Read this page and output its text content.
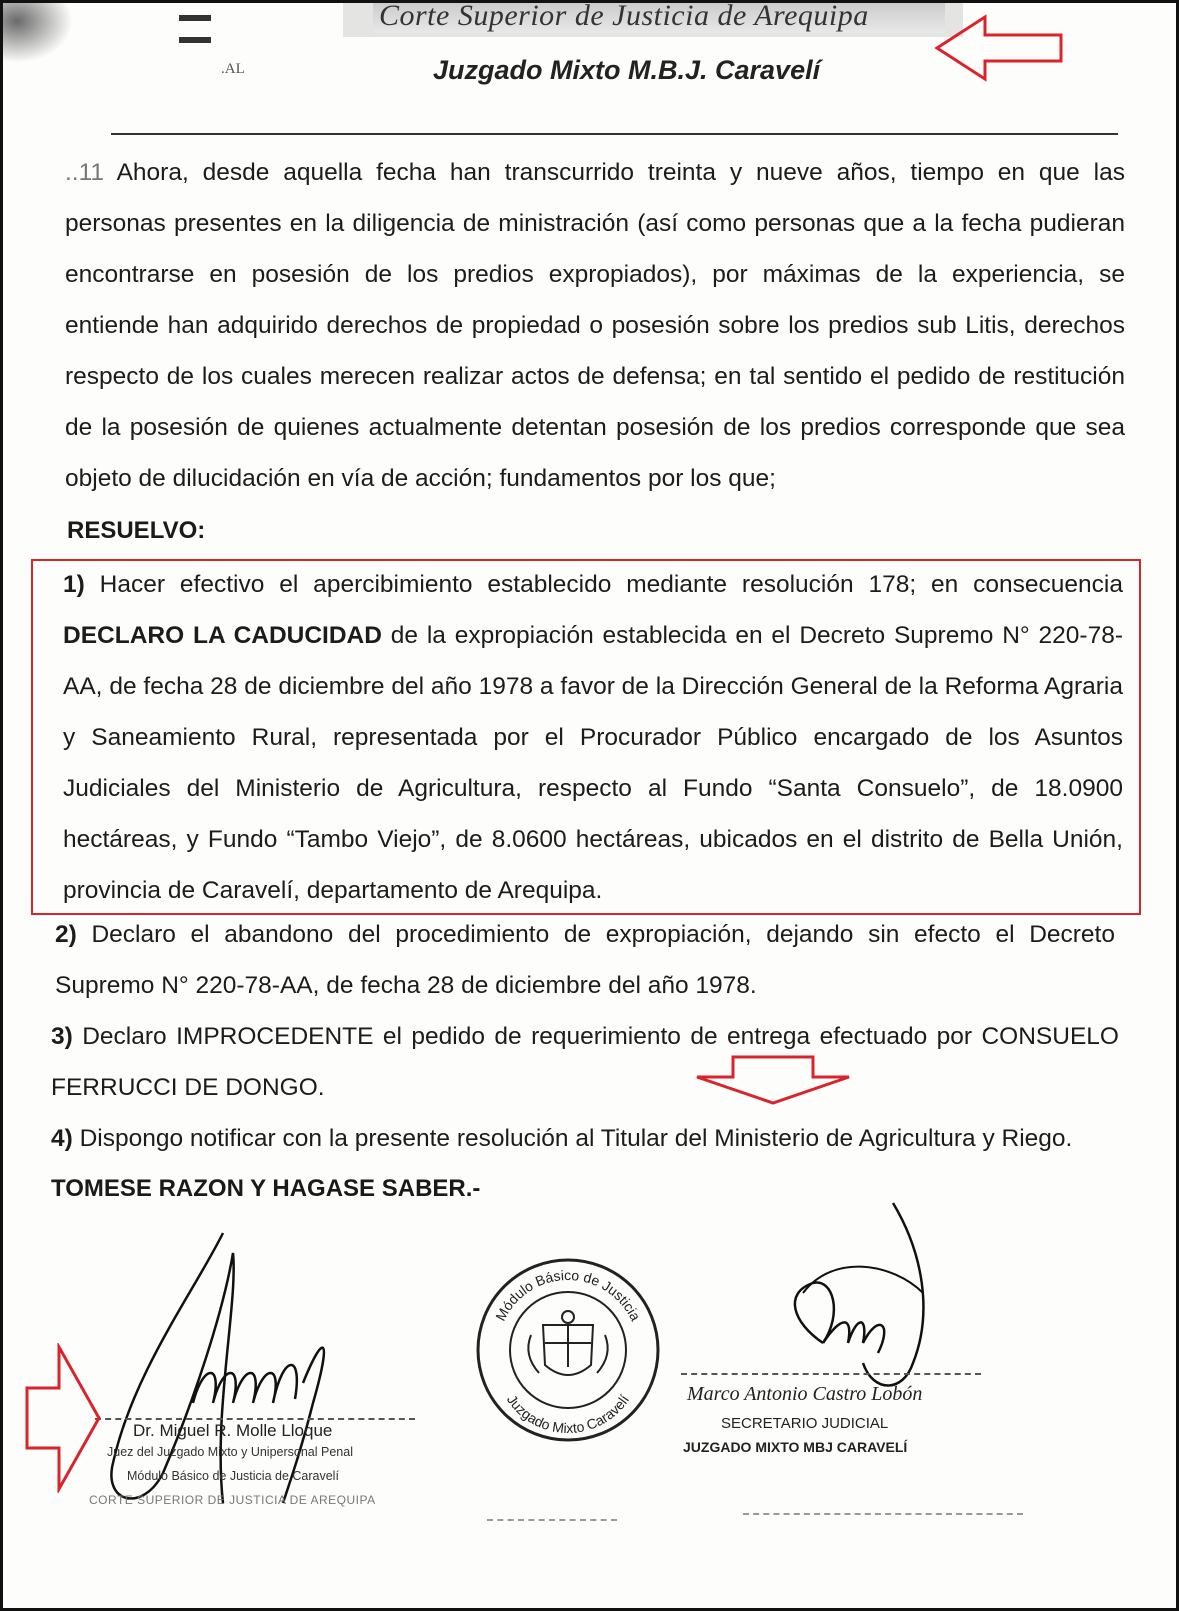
.AL
Corte Superior de Justicia de Arequipa
Juzgado Mixto M.B.J. Caravelí
..11 Ahora, desde aquella fecha han transcurrido treinta y nueve años, tiempo en que las personas presentes en la diligencia de ministración (así como personas que a la fecha pudieran encontrarse en posesión de los predios expropiados), por máximas de la experiencia, se entiende han adquirido derechos de propiedad o posesión sobre los predios sub Litis, derechos respecto de los cuales merecen realizar actos de defensa; en tal sentido el pedido de restitución de la posesión de quienes actualmente detentan posesión de los predios corresponde que sea objeto de dilucidación en vía de acción; fundamentos por los que;
RESUELVO:
1) Hacer efectivo el apercibimiento establecido mediante resolución 178; en consecuencia DECLARO LA CADUCIDAD de la expropiación establecida en el Decreto Supremo N° 220-78-AA, de fecha 28 de diciembre del año 1978 a favor de la Dirección General de la Reforma Agraria y Saneamiento Rural, representada por el Procurador Público encargado de los Asuntos Judiciales del Ministerio de Agricultura, respecto al Fundo “Santa Consuelo”, de 18.0900 hectáreas, y Fundo “Tambo Viejo”, de 8.0600 hectáreas, ubicados en el distrito de Bella Unión, provincia de Caravelí, departamento de Arequipa.
2) Declaro el abandono del procedimiento de expropiación, dejando sin efecto el Decreto Supremo N° 220-78-AA, de fecha 28 de diciembre del año 1978.
3) Declaro IMPROCEDENTE el pedido de requerimiento de entrega efectuado por CONSUELO FERRUCCI DE DONGO.
4) Dispongo notificar con la presente resolución al Titular del Ministerio de Agricultura y Riego.
TOMESE RAZON Y HAGASE SABER.-
Dr. Miguel R. Molle Lloque
Juez del Juzgado Mixto y Unipersonal Penal
Módulo Básico de Justicia de Caravelí
CORTE SUPERIOR DE JUSTICIA DE AREQUIPA
Módulo Básico de Justicia
Juzgado Mixto Caravelí	Marco Antonio Castro Lobón
SECRETARIO JUDICIAL
JUZGADO MIXTO MBJ CARAVELÍ
